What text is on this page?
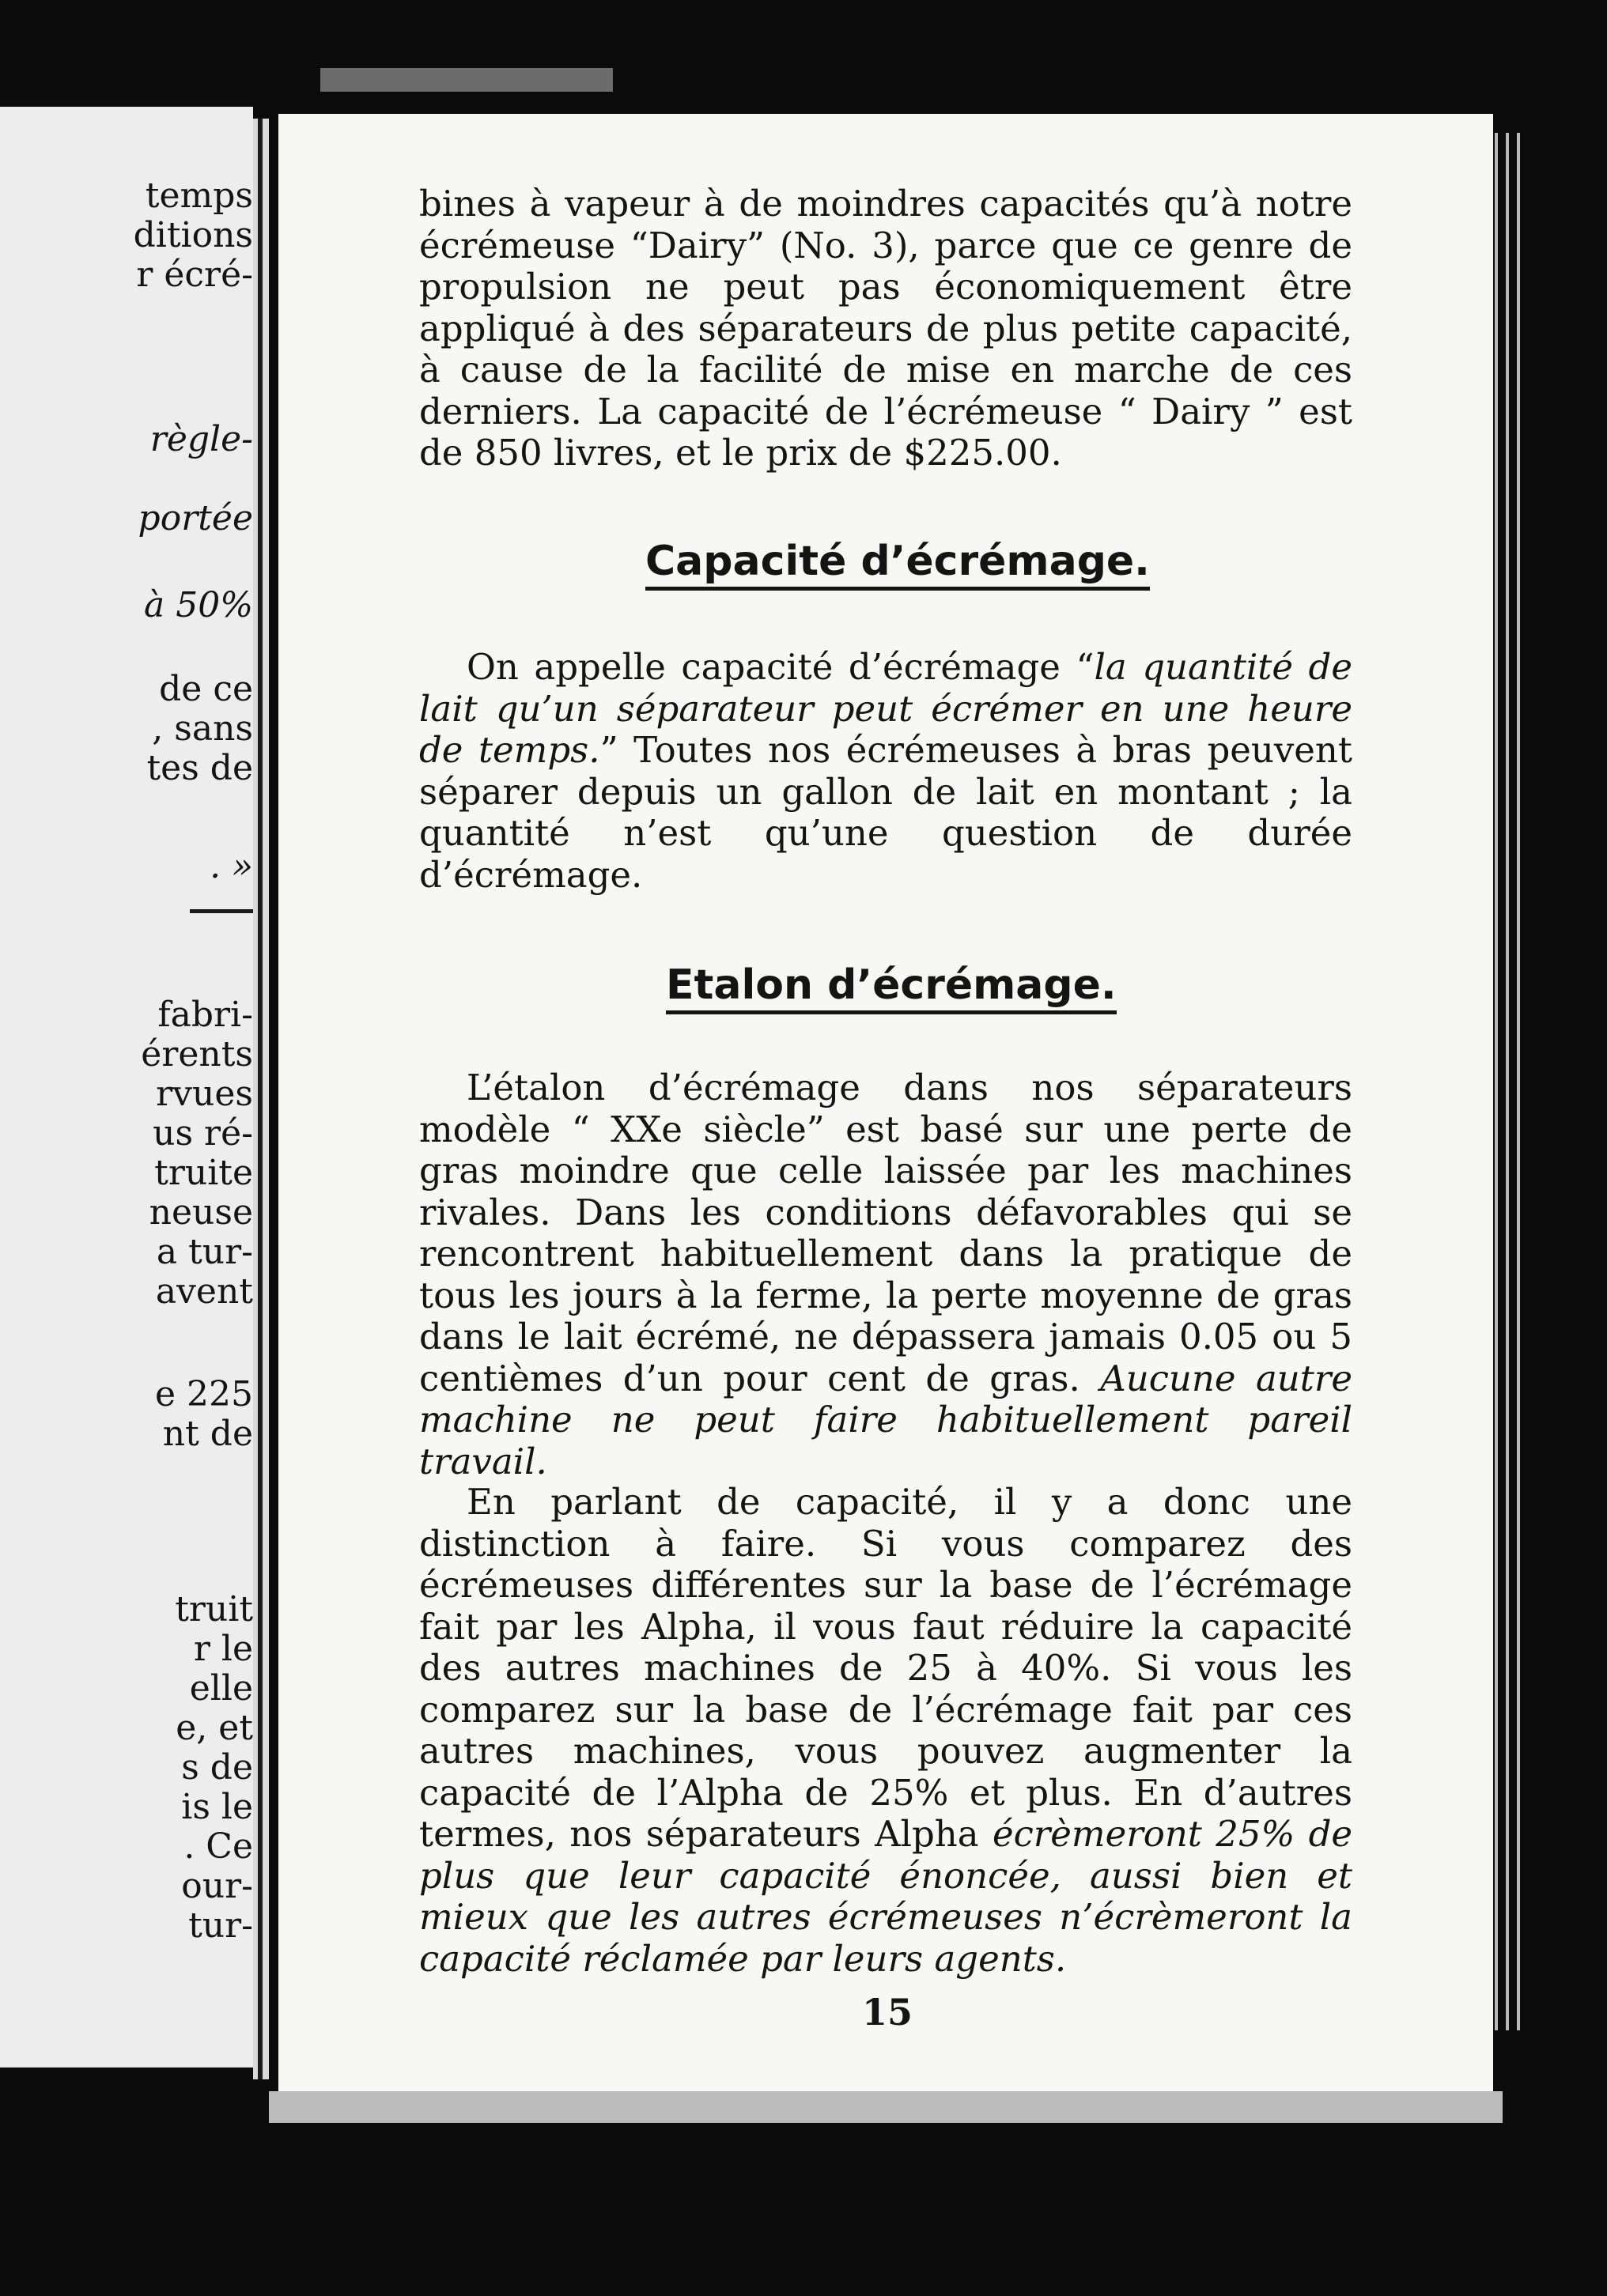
temps
ditions
r écré-
règle-
portée
à 50%
de ce
, sans
tes de
. »
fabri-
érents
rvues
us ré-
truite
neuse
a tur-
avent
e 225
nt de
truit
r le
elle
e, et
s de
is le
. Ce
our-
tur-

bines à vapeur à de moindres capacités qu’à notre écrémeuse “Dairy” (No. 3), parce que ce genre de propulsion ne peut pas économiquement être appliqué à des séparateurs de plus petite capacité, à cause de la facilité de mise en marche de ces derniers. La capacité de l’écrémeuse “ Dairy ” est de 850 livres, et le prix de $225.00.

Capacité d’écrémage.

On appelle capacité d’écrémage “la quantité de lait qu’un séparateur peut écrémer en une heure de temps.” Toutes nos écrémeuses à bras peuvent séparer depuis un gallon de lait en montant ; la quantité n’est qu’une question de durée d’écrémage.

Etalon d’écrémage.

L’étalon d’écrémage dans nos séparateurs modèle “ XXe siècle” est basé sur une perte de gras moindre que celle laissée par les machines rivales. Dans les conditions défavorables qui se rencontrent habituellement dans la pratique de tous les jours à la ferme, la perte moyenne de gras dans le lait écrémé, ne dépassera jamais 0.05 ou 5 centièmes d’un pour cent de gras. Aucune autre machine ne peut faire habituellement pareil travail.

En parlant de capacité, il y a donc une distinction à faire. Si vous comparez des écrémeuses différentes sur la base de l’écrémage fait par les Alpha, il vous faut réduire la capacité des autres machines de 25 à 40%. Si vous les comparez sur la base de l’écrémage fait par ces autres machines, vous pouvez augmenter la capacité de l’Alpha de 25% et plus. En d’autres termes, nos séparateurs Alpha écrèmeront 25% de plus que leur capacité énoncée, aussi bien et mieux que les autres écrémeuses n’écrèmeront la capacité réclamée par leurs agents.

15
